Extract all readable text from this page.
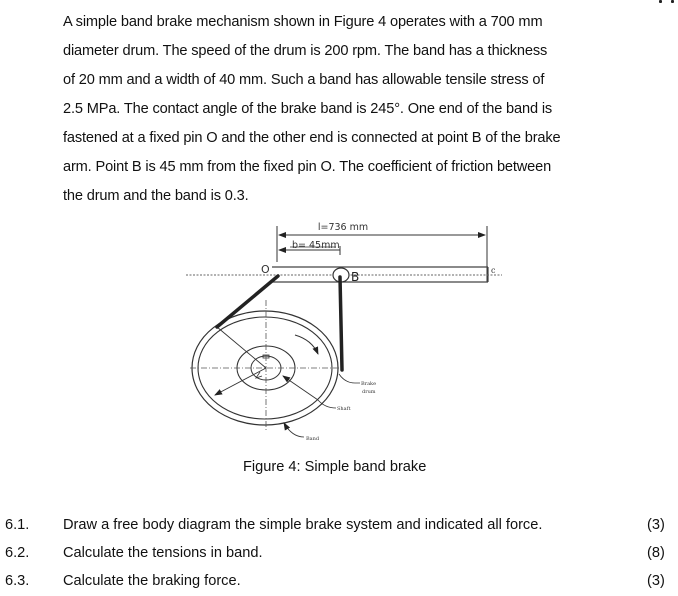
A simple band brake mechanism shown in Figure 4 operates with a 700 mm
diameter drum. The speed of the drum is 200 rpm. The band has a thickness
of 20 mm and a width of 40 mm. Such a band has allowable tensile stress of
2.5 MPa. The contact angle of the brake band is 245°. One end of the band is
fastened at a fixed pin O and the other end is connected at point B of the brake
arm. Point B is 45 mm from the fixed pin O. The coefficient of friction between
the drum and the band is 0.3.
l=736 mm
b= 45mm
O	c
B
Brake
drum
Shaft
Band
Figure 4: Simple band brake
6.1. Draw a free body diagram the simple brake system and indicated all force.	(3)
6.2. Calculate the tensions in band.	(8)
6.3. Calculate the braking force.	(3)
